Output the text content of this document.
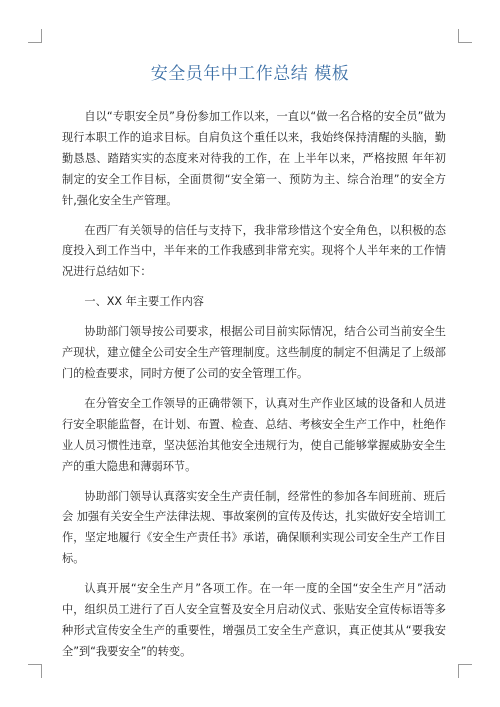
安全员年中工作总结 模板

自以“专职安全员”身份参加工作以来，一直以“做一名合格的安全员”做为现行本职工作的追求目标。自肩负这个重任以来，我始终保持清醒的头脑，勤勤恳恳、踏踏实实的态度来对待我的工作，在 上半年以来，严格按照 年年初制定的安全工作目标，全面贯彻“安全第一、预防为主、综合治理”的安全方针,强化安全生产管理。

在西厂有关领导的信任与支持下，我非常珍惜这个安全角色，以积极的态度投入到工作当中，半年来的工作我感到非常充实。现将个人半年来的工作情况进行总结如下：

一、XX 年主要工作内容

协助部门领导按公司要求，根据公司目前实际情况，结合公司当前安全生产现状，建立健全公司安全生产管理制度。这些制度的制定不但满足了上级部门的检查要求，同时方便了公司的安全管理工作。

在分管安全工作领导的正确带领下，认真对生产作业区域的设备和人员进行安全职能监督，在计划、布置、检查、总结、考核安全生产工作中，杜绝作业人员习惯性违章，坚决惩治其他安全违规行为，使自己能够掌握威胁安全生产的重大隐患和薄弱环节。

协助部门领导认真落实安全生产责任制，经常性的参加各车间班前、班后会 加强有关安全生产法律法规、事故案例的宣传及传达，扎实做好安全培训工作，坚定地履行《安全生产责任书》承诺，确保顺利实现公司安全生产工作目标。

认真开展“安全生产月”各项工作。在一年一度的全国“安全生产月”活动中，组织员工进行了百人安全宣誓及安全月启动仪式、张贴安全宣传标语等多种形式宣传安全生产的重要性，增强员工安全生产意识，真正使其从“要我安全”到“我要安全”的转变。
